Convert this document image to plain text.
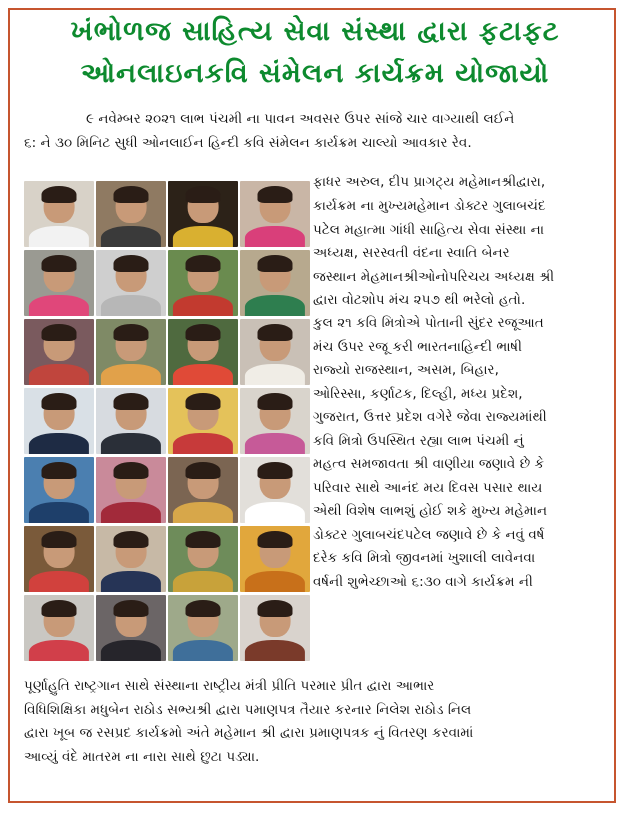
ખંભોળજ સાહિત્ય સેવા સંસ્થા દ્વારા ફટાફટ
ઓનલાઇનકવિ સંમેલન કાર્યક્રમ યોજાયો
૯ નવેમ્બર ૨૦૨૧ લાભ પંચમી ના પાવન અવસર ઉપર સાંજે ચાર વાગ્યાથી લઈને
૬: ને ૩૦ મિનિટ સુધી ઓનલાઈન હિન્દી કવિ સંમેલન કાર્યક્રમ ચાલ્યો આવકાર રેવ.
ફાધર અરુલ, દીપ પ્રાગટ્ય મહેમાનશ્રીદ્વારા,
કાર્યક્રમ ના મુખ્યમહેમાન ડોક્ટર ગુલાબચંદ
પટેલ મહાત્મા ગાંધી સાહિત્ય સેવા સંસ્થા ના
અધ્યક્ષ, સરસ્વતી વંદના સ્વાતિ બેનર
જસ્થાન મેહમાનશ્રીઓનોપરિચય અધ્યક્ષ શ્રી
દ્વારા વોટશોપ મંચ ૨૫૭ થી ભરેલો હતો.
કુલ ૨૧ કવિ મિત્રોએ પોતાની સુંદર રજૂઆત
મંચ ઉપર રજૂ કરી ભારતનાહિન્દી ભાષી
રાજ્યો રાજસ્થાન, અસમ, બિહાર,
ઓરિસ્સા, કર્ણાટક, દિલ્હી, મધ્ય પ્રદેશ,
ગુજરાત, ઉત્તર પ્રદેશ વગેરે જેવા રાજ્યમાંથી
કવિ મિત્રો ઉપસ્થિત રહ્યા લાભ પંચમી નું
મહત્વ સમજાવતા શ્રી વાણીયા જણાવે છે કે
પરિવાર સાથે આનંદ મય દિવસ પસાર થાય
એથી વિશેષ લાભશું હોઈ શકે મુખ્ય મહેમાન
ડોક્ટર ગુલાબચંદપટેલ જણાવે છે કે નવું વર્ષ
દરેક કવિ મિત્રો જીવનમાં ખુશાલી લાવેનવા
વર્ષની શુભેચ્છાઓ ૬:૩૦ વાગે કાર્યક્રમ ની
પૂર્ણાહુતિ રાષ્ટ્રગાન સાથે સંસ્થાના રાષ્ટ્રીય મંત્રી પ્રીતિ પરમાર પ્રીત દ્વારા આભાર
વિધિશિક્ષિકા મધુબેન રાઠોડ સભ્યશ્રી દ્વારા પમાણપત્ર તૈયાર કરનાર નિલેશ રાઠોડ નિલ
દ્વારા ખૂબ જ રસપ્રદ કાર્યક્રમો અંતે મહેમાન શ્રી દ્વારા પ્રમાણપત્રક નું વિતરણ કરવામાં
આવ્યું વંદે માતરમ ના નારા સાથે છુટા પડ્યા.
